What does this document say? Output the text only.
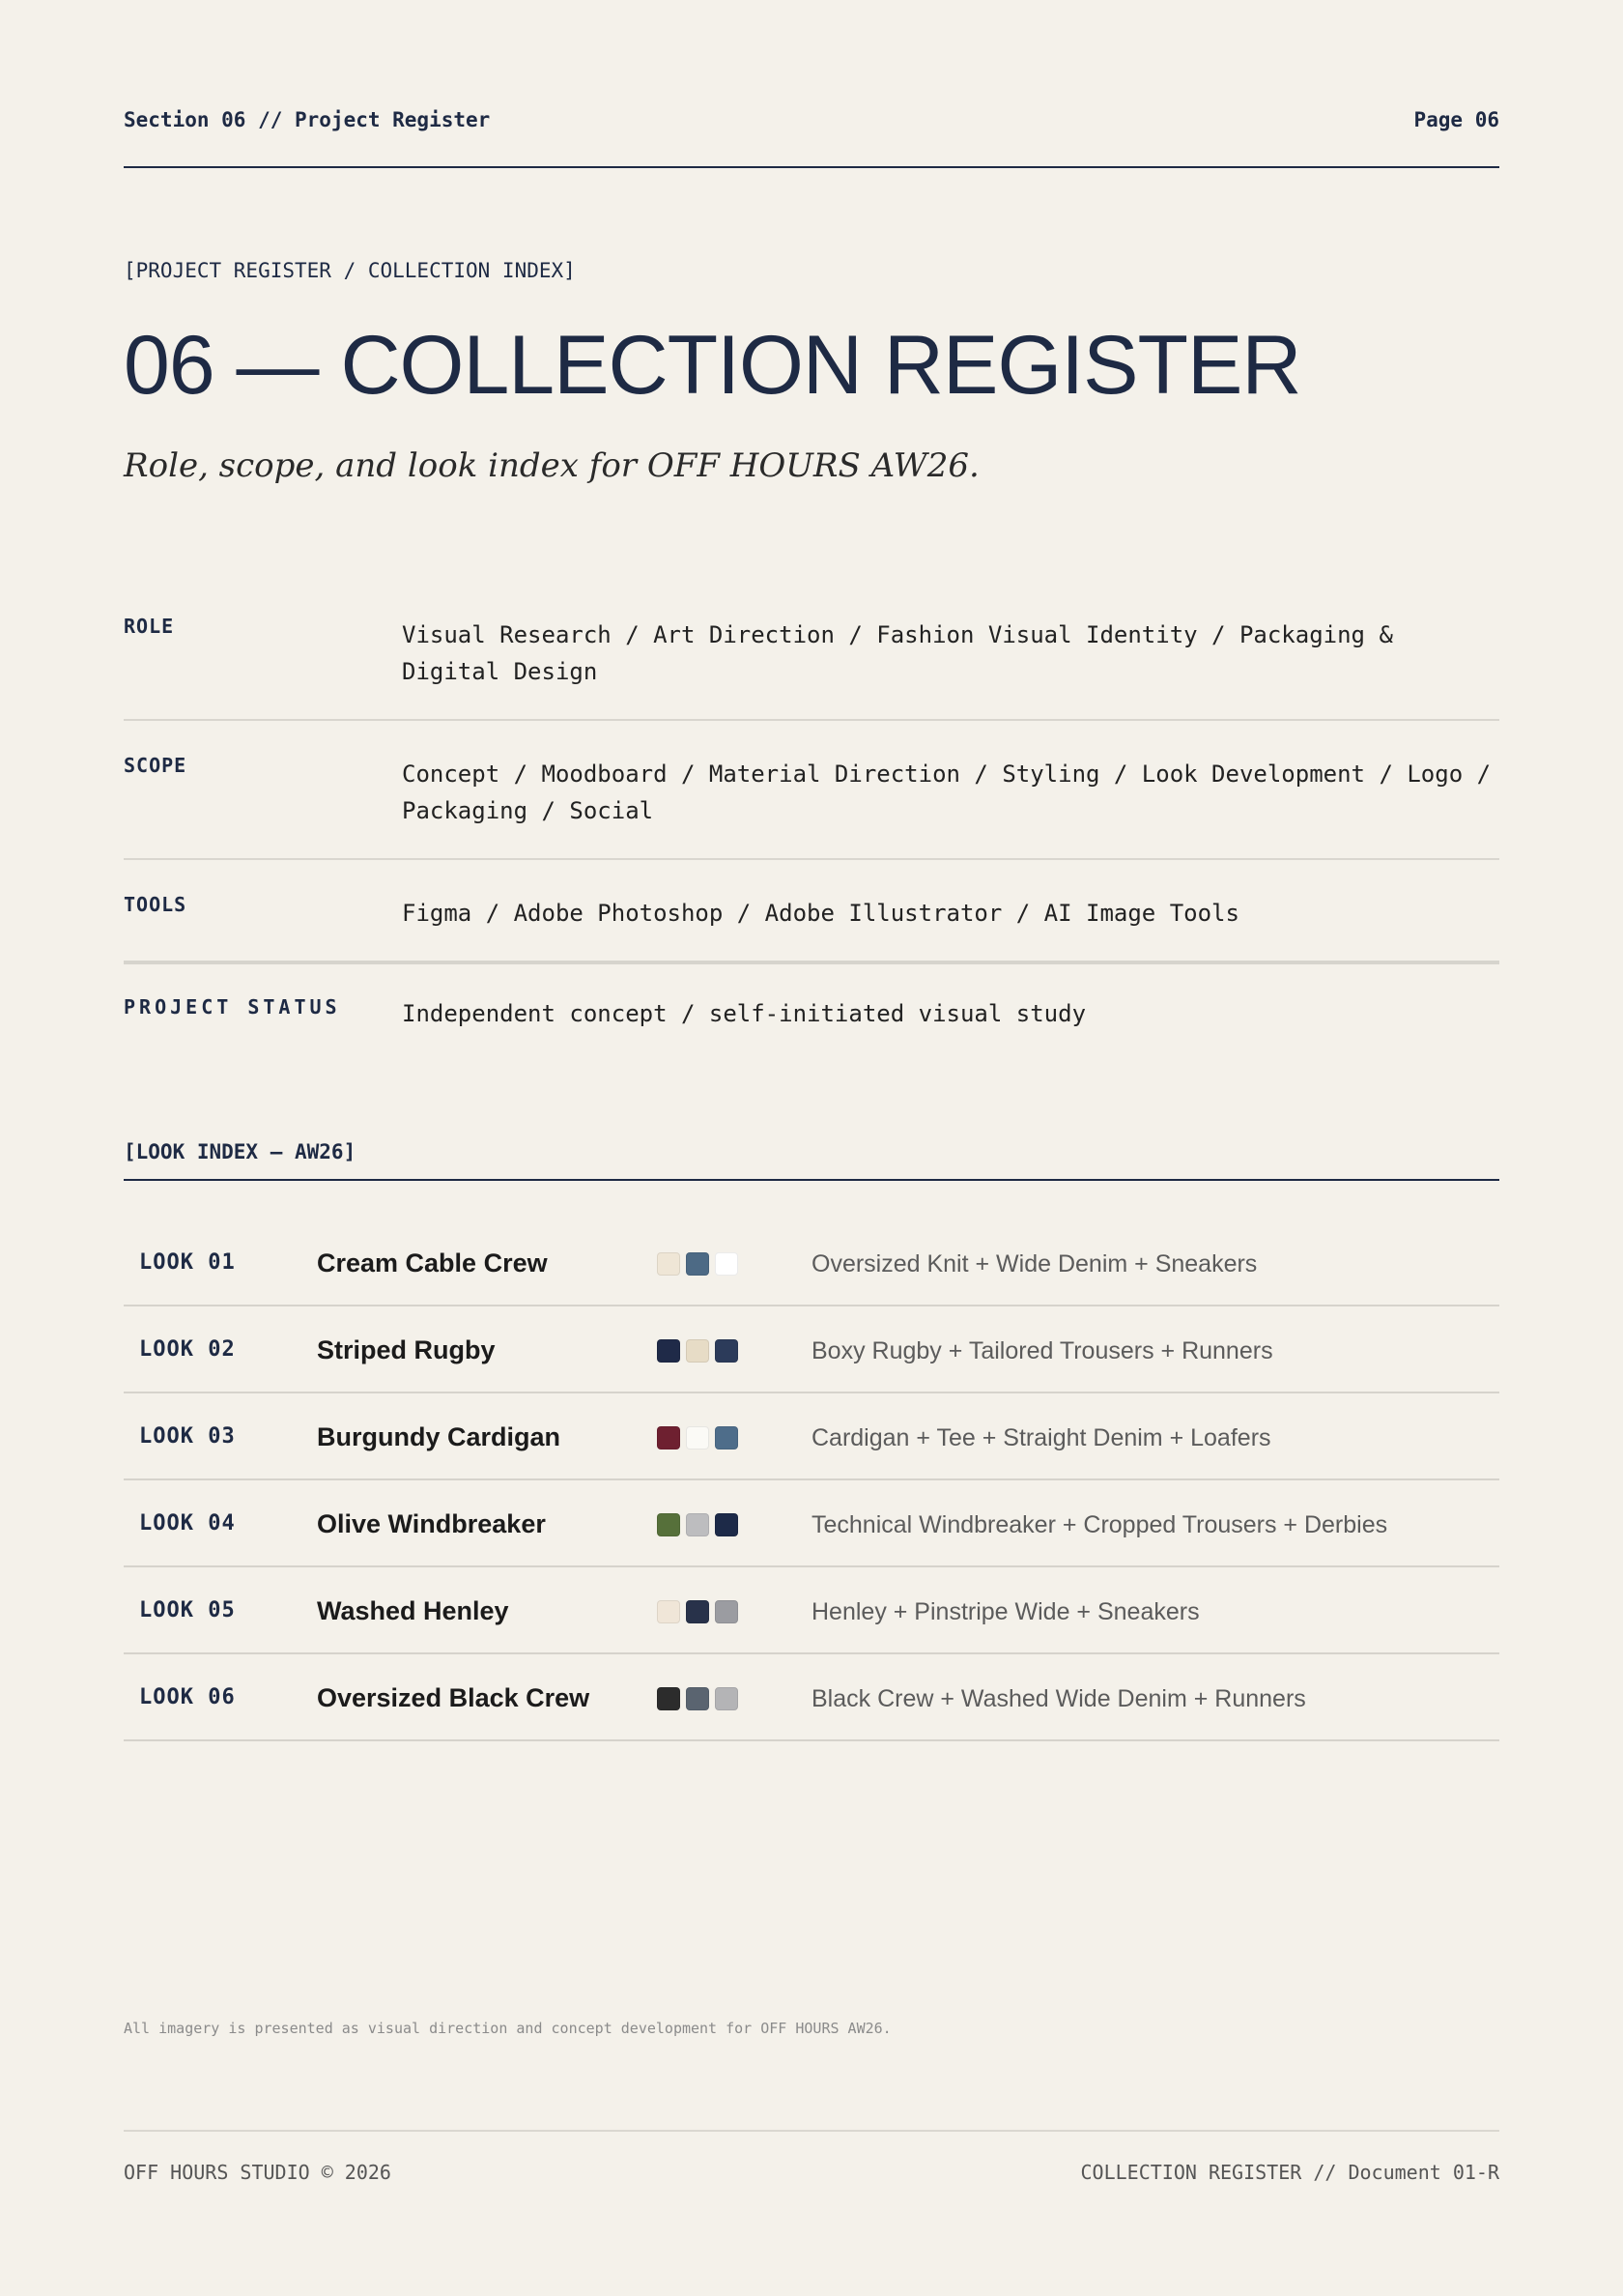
Section 06 // Project Register	Page 06
[PROJECT REGISTER / COLLECTION INDEX]
06 — COLLECTION REGISTER
Role, scope, and look index for OFF HOURS AW26.
ROLE	Visual Research / Art Direction / Fashion Visual Identity / Packaging & Digital Design
SCOPE	Concept / Moodboard / Material Direction / Styling / Look Development / Logo / Packaging / Social
TOOLS	Figma / Adobe Photoshop / Adobe Illustrator / AI Image Tools
PROJECT STATUS	Independent concept / self-initiated visual study
[LOOK INDEX — AW26]
LOOK 01	Cream Cable Crew	Oversized Knit + Wide Denim + Sneakers
LOOK 02	Striped Rugby	Boxy Rugby + Tailored Trousers + Runners
LOOK 03	Burgundy Cardigan	Cardigan + Tee + Straight Denim + Loafers
LOOK 04	Olive Windbreaker	Technical Windbreaker + Cropped Trousers + Derbies
LOOK 05	Washed Henley	Henley + Pinstripe Wide + Sneakers
LOOK 06	Oversized Black Crew	Black Crew + Washed Wide Denim + Runners
All imagery is presented as visual direction and concept development for OFF HOURS AW26.
OFF HOURS STUDIO © 2026	COLLECTION REGISTER // Document 01-R
